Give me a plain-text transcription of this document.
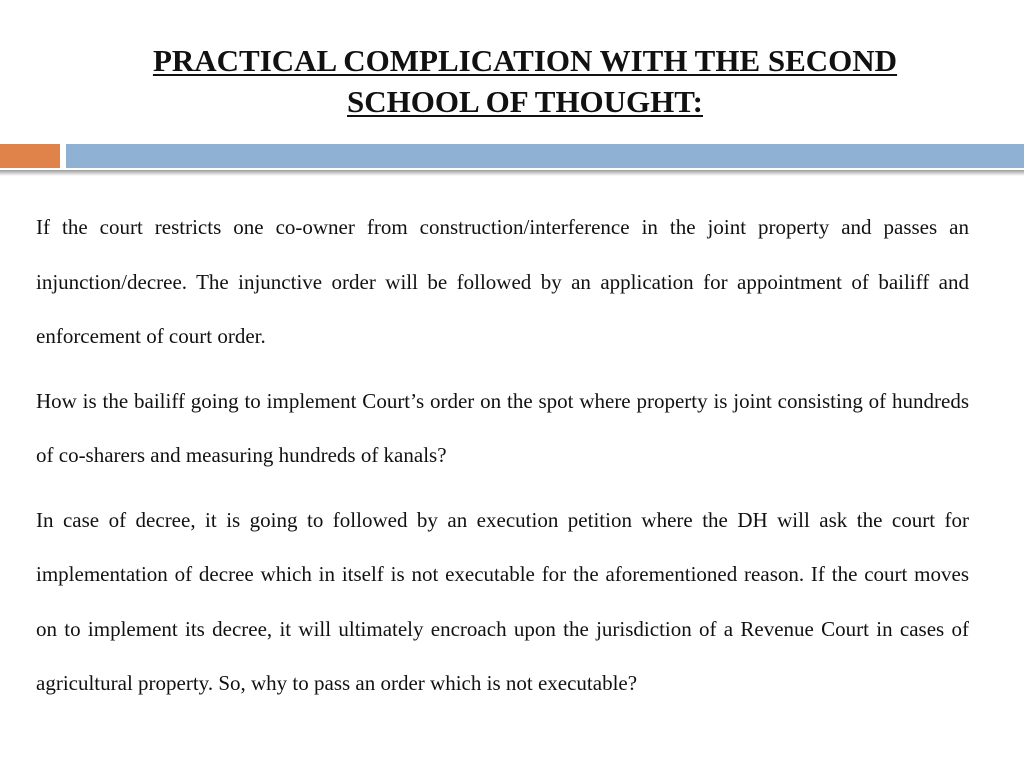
PRACTICAL COMPLICATION WITH THE SECOND
SCHOOL OF THOUGHT:

If the court restricts one co-owner from construction/interference in the joint property and passes an injunction/decree. The injunctive order will be followed by an application for appointment of bailiff and enforcement of court order.

How is the bailiff going to implement Court’s order on the spot where property is joint consisting of hundreds of co-sharers and measuring hundreds of kanals?

In case of decree, it is going to followed by an execution petition where the DH will ask the court for implementation of decree which in itself is not executable for the aforementioned reason. If the court moves on to implement its decree, it will ultimately encroach upon the jurisdiction of a Revenue Court in cases of agricultural property. So, why to pass an order which is not executable?
